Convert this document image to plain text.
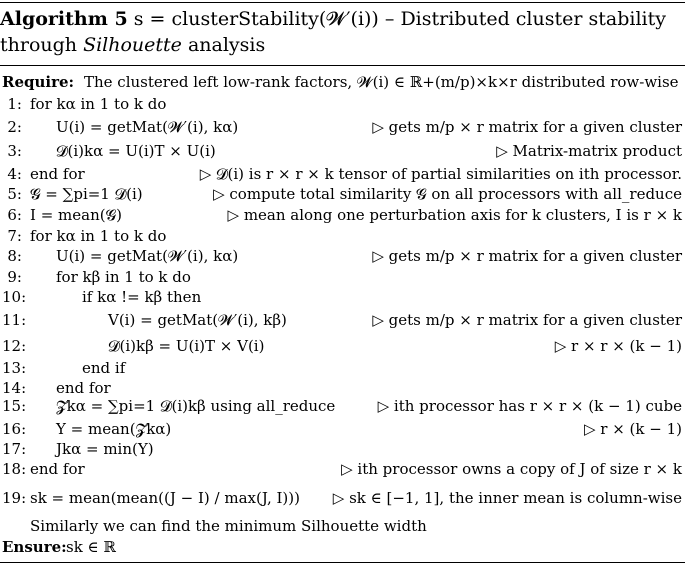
Algorithm 5 s = clusterStability(𝓦′(i)) – Distributed cluster stability through Silhouette analysis
Require: The clustered left low-rank factors, 𝓦(i) ∈ ℝ+(m/p)×k×r distributed row-wise
1: for kα in 1 to k do
2: U(i) = getMat(𝓦′(i), kα)	▷ gets m/p × r matrix for a given cluster
3: 𝓓(i)kα = U(i)T × U(i)	▷ Matrix-matrix product
4: end for	▷ 𝓓(i) is r × r × k tensor of partial similarities on ith processor.
5: 𝓖 = ∑pi=1 𝓓(i)	▷ compute total similarity 𝓖 on all processors with all_reduce
6: I = mean(𝓖)	▷ mean along one perturbation axis for k clusters, I is r × k
7: for kα in 1 to k do
8: U(i) = getMat(𝓦′(i), kα)	▷ gets m/p × r matrix for a given cluster
9: for kβ in 1 to k do
10:	if kα != kβ then
11:	V(i) = getMat(𝓦′(i), kβ)	▷ gets m/p × r matrix for a given cluster
12:	𝓓(i)kβ = U(i)T × V(i)	▷ r × r × (k − 1)
13:	end if
14: end for
15: 𝓩kα = ∑pi=1 𝓓(i)kβ using all_reduce	▷ ith processor has r × r × (k − 1) cube
16: Y = mean(𝓩kα)	▷ r × (k − 1)
17: Jkα = min(Y)
18: end for	▷ ith processor owns a copy of J of size r × k
19: sk = mean(mean((J − I) / max(J, I))) ▷ sk ∈ [−1, 1], the inner mean is column-wise
Similarly we can find the minimum Silhouette width
Ensure: sk ∈ ℝ
